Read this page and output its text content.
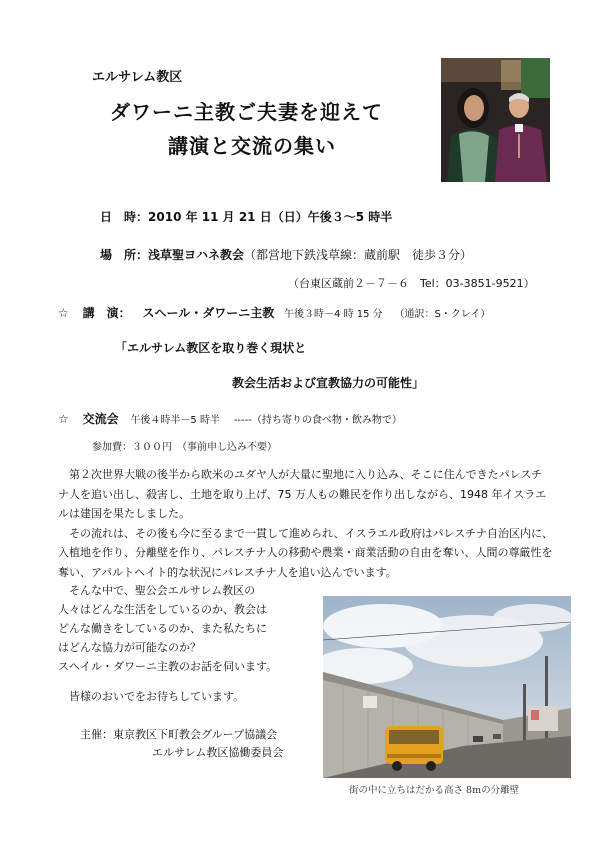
エルサレム教区
ダワーニ主教ご夫妻を迎えて
講演と交流の集い
日　時：2010 年 11 月 21 日（日）午後３～5 時半
場　所：浅草聖ヨハネ教会（都営地下鉄浅草線：蔵前駅　徒歩３分）
（台東区蔵前２－７－６　Tel：03-3851-9521）
☆ 講　演： スヘール・ダワーニ主教 午後３時－4 時 15 分 （通訳：S・クレイ）
「エルサレム教区を取り巻く現状と
教会生活および宣教協力の可能性」
☆ 交流会 午後４時半－5 時半 -----（持ち寄りの食べ物・飲み物で）
参加費：３００円　（事前申し込み不要）

第２次世界大戦の後半から欧米のユダヤ人が大量に聖地に入り込み、そこに住んできたパレスチナ人を追い出し、殺害し、土地を取り上げ、75 万人もの難民を作り出しながら、1948 年イスラエルは建国を果たしました。

その流れは、その後も今に至るまで一貫して進められ、イスラエル政府はパレスチナ自治区内に、入植地を作り、分離壁を作り、パレスチナ人の移動や農業・商業活動の自由を奪い、人間の尊厳性を奪い、アパルトヘイト的な状況にパレスチナ人を追い込んでいます。

そんな中で、聖公会エルサレム教区の

人々はどんな生活をしているのか、教会は

どんな働きをしているのか、また私たちに

はどんな協力が可能なのか？

スヘイル・ダワーニ主教のお話を伺います。

皆様のおいでをお待ちしています。
主催：東京教区下町教会グループ協議会
エルサレム教区協働委員会
街の中に立ちはだかる高さ 8mの分離壁
